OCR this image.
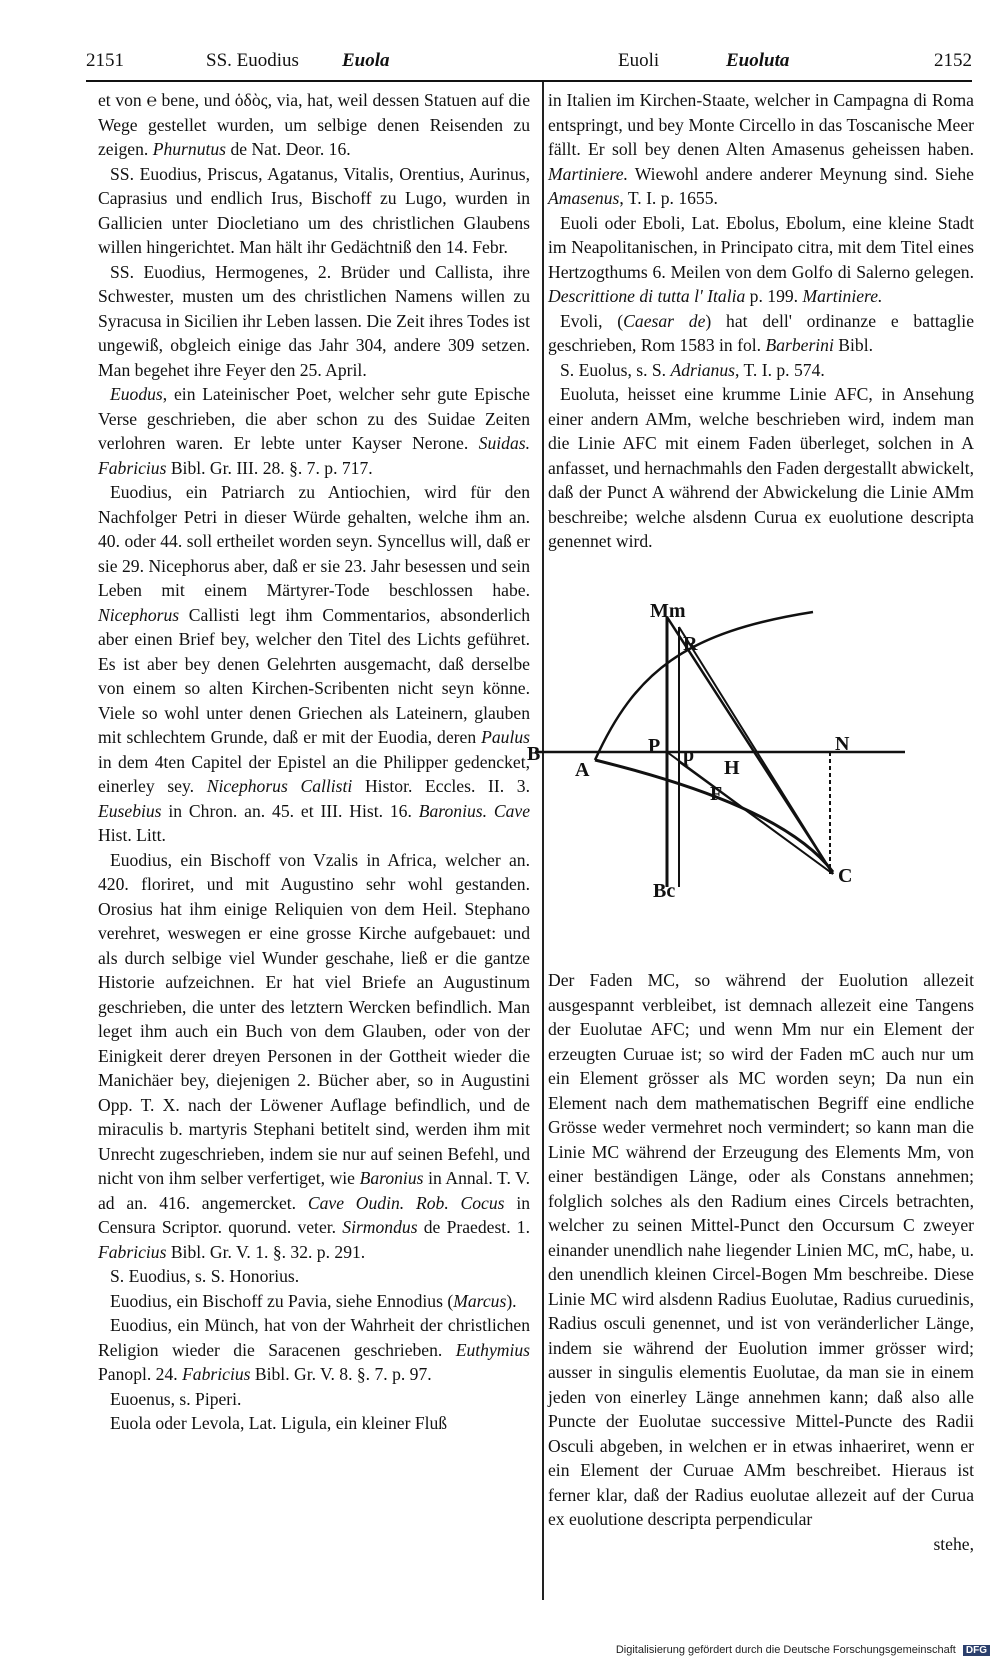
2151	SS. Euodius Euola	Euoli	Euoluta	2152

et von ℮ bene, und ὁδὸς, via, hat, weil dessen Statuen auf die Wege gestellet wurden, um selbige denen Reisenden zu zeigen. Phurnutus de Nat. Deor. 16.

SS. Euodius, Priscus, Agatanus, Vitalis, Orentius, Aurinus, Caprasius und endlich Irus, Bischoff zu Lugo, wurden in Gallicien unter Diocletiano um des christlichen Glaubens willen hingerichtet. Man hält ihr Gedächtniß den 14. Febr.

SS. Euodius, Hermogenes, 2. Brüder und Callista, ihre Schwester, musten um des christlichen Namens willen zu Syracusa in Sicilien ihr Leben lassen. Die Zeit ihres Todes ist ungewiß, obgleich einige das Jahr 304, andere 309 setzen. Man begehet ihre Feyer den 25. April.

Euodus, ein Lateinischer Poet, welcher sehr gute Epische Verse geschrieben, die aber schon zu des Suidae Zeiten verlohren waren. Er lebte unter Kayser Nerone. Suidas. Fabricius Bibl. Gr. III. 28. §. 7. p. 717.

Euodius, ein Patriarch zu Antiochien, wird für den Nachfolger Petri in dieser Würde gehalten, welche ihm an. 40. oder 44. soll ertheilet worden seyn. Syncellus will, daß er sie 29. Nicephorus aber, daß er sie 23. Jahr besessen und sein Leben mit einem Märtyrer-Tode beschlossen habe. Nicephorus Callisti legt ihm Commentarios, absonderlich aber einen Brief bey, welcher den Titel des Lichts geführet. Es ist aber bey denen Gelehrten ausgemacht, daß derselbe von einem so alten Kirchen-Scribenten nicht seyn könne. Viele so wohl unter denen Griechen als Lateinern, glauben mit schlechtem Grunde, daß er mit der Euodia, deren Paulus in dem 4ten Capitel der Epistel an die Philipper gedencket, einerley sey. Nicephorus Callisti Histor. Eccles. II. 3. Eusebius in Chron. an. 45. et III. Hist. 16. Baronius. Cave Hist. Litt.

Euodius, ein Bischoff von Vzalis in Africa, welcher an. 420. floriret, und mit Augustino sehr wohl gestanden. Orosius hat ihm einige Reliquien von dem Heil. Stephano verehret, weswegen er eine grosse Kirche aufgebauet: und als durch selbige viel Wunder geschahe, ließ er die gantze Historie aufzeichnen. Er hat viel Briefe an Augustinum geschrieben, die unter des letztern Wercken befindlich. Man leget ihm auch ein Buch von dem Glauben, oder von der Einigkeit derer dreyen Personen in der Gottheit wieder die Manichäer bey, diejenigen 2. Bücher aber, so in Augustini Opp. T. X. nach der Löwener Auflage befindlich, und de miraculis b. martyris Stephani betitelt sind, werden ihm mit Unrecht zugeschrieben, indem sie nur auf seinen Befehl, und nicht von ihm selber verfertiget, wie Baronius in Annal. T. V. ad an. 416. angemercket. Cave Oudin. Rob. Cocus in Censura Scriptor. quorund. veter. Sirmondus de Praedest. 1. Fabricius Bibl. Gr. V. 1. §. 32. p. 291.

S. Euodius, s. S. Honorius.

Euodius, ein Bischoff zu Pavia, siehe Ennodius (Marcus).

Euodius, ein Münch, hat von der Wahrheit der christlichen Religion wieder die Saracenen geschrieben. Euthymius Panopl. 24. Fabricius Bibl. Gr. V. 8. §. 7. p. 97.

Euoenus, s. Piperi.

Euola oder Levola, Lat. Ligula, ein kleiner Fluß

in Italien im Kirchen-Staate, welcher in Campagna di Roma entspringt, und bey Monte Circello in das Toscanische Meer fällt. Er soll bey denen Alten Amasenus geheissen haben. Martiniere. Wiewohl andere anderer Meynung sind. Siehe Amasenus, T. I. p. 1655.

Euoli oder Eboli, Lat. Ebolus, Ebolum, eine kleine Stadt im Neapolitanischen, in Principato citra, mit dem Titel eines Hertzogthums 6. Meilen von dem Golfo di Salerno gelegen. Descrittione di tutta l' Italia p. 199. Martiniere.

Evoli, (Caesar de) hat dell' ordinanze e battaglie geschrieben, Rom 1583 in fol. Barberini Bibl.

S. Euolus, s. S. Adrianus, T. I. p. 574.

Euoluta, heisset eine krumme Linie AFC, in Ansehung einer andern AMm, welche beschrieben wird, indem man die Linie AFC mit einem Faden überleget, solchen in A anfasset, und hernachmahls den Faden dergestallt abwickelt, daß der Punct A während der Abwickelung die Linie AMm beschreibe; welche alsdenn Curua ex euolutione descripta genennet wird.

Mm
R
B
A
P p	N
H
F
C
Bc

Der Faden MC, so während der Euolution allezeit ausgespannt verbleibet, ist demnach allezeit eine Tangens der Euolutae AFC; und wenn Mm nur ein Element der erzeugten Curuae ist; so wird der Faden mC auch nur um ein Element grösser als MC worden seyn; Da nun ein Element nach dem mathematischen Begriff eine endliche Grösse weder vermehret noch vermindert; so kann man die Linie MC während der Erzeugung des Elements Mm, von einer beständigen Länge, oder als Constans annehmen; folglich solches als den Radium eines Circels betrachten, welcher zu seinen Mittel-Punct den Occursum C zweyer einander unendlich nahe liegender Linien MC, mC, habe, u. den unendlich kleinen Circel-Bogen Mm beschreibe. Diese Linie MC wird alsdenn Radius Euolutae, Radius curuedinis, Radius osculi genennet, und ist von veränderlicher Länge, indem sie während der Euolution immer grösser wird; ausser in singulis elementis Euolutae, da man sie in einem jeden von einerley Länge annehmen kann; daß also alle Puncte der Euolutae successive Mittel-Puncte des Radii Osculi abgeben, in welchen er in etwas inhaeriret, wenn er ein Element der Curuae AMm beschreibet. Hieraus ist ferner klar, daß der Radius euolutae allezeit auf der Curua ex euolutione descripta perpendicular

stehe,

Digitalisierung gefördert durch die Deutsche Forschungsgemeinschaft DFG
